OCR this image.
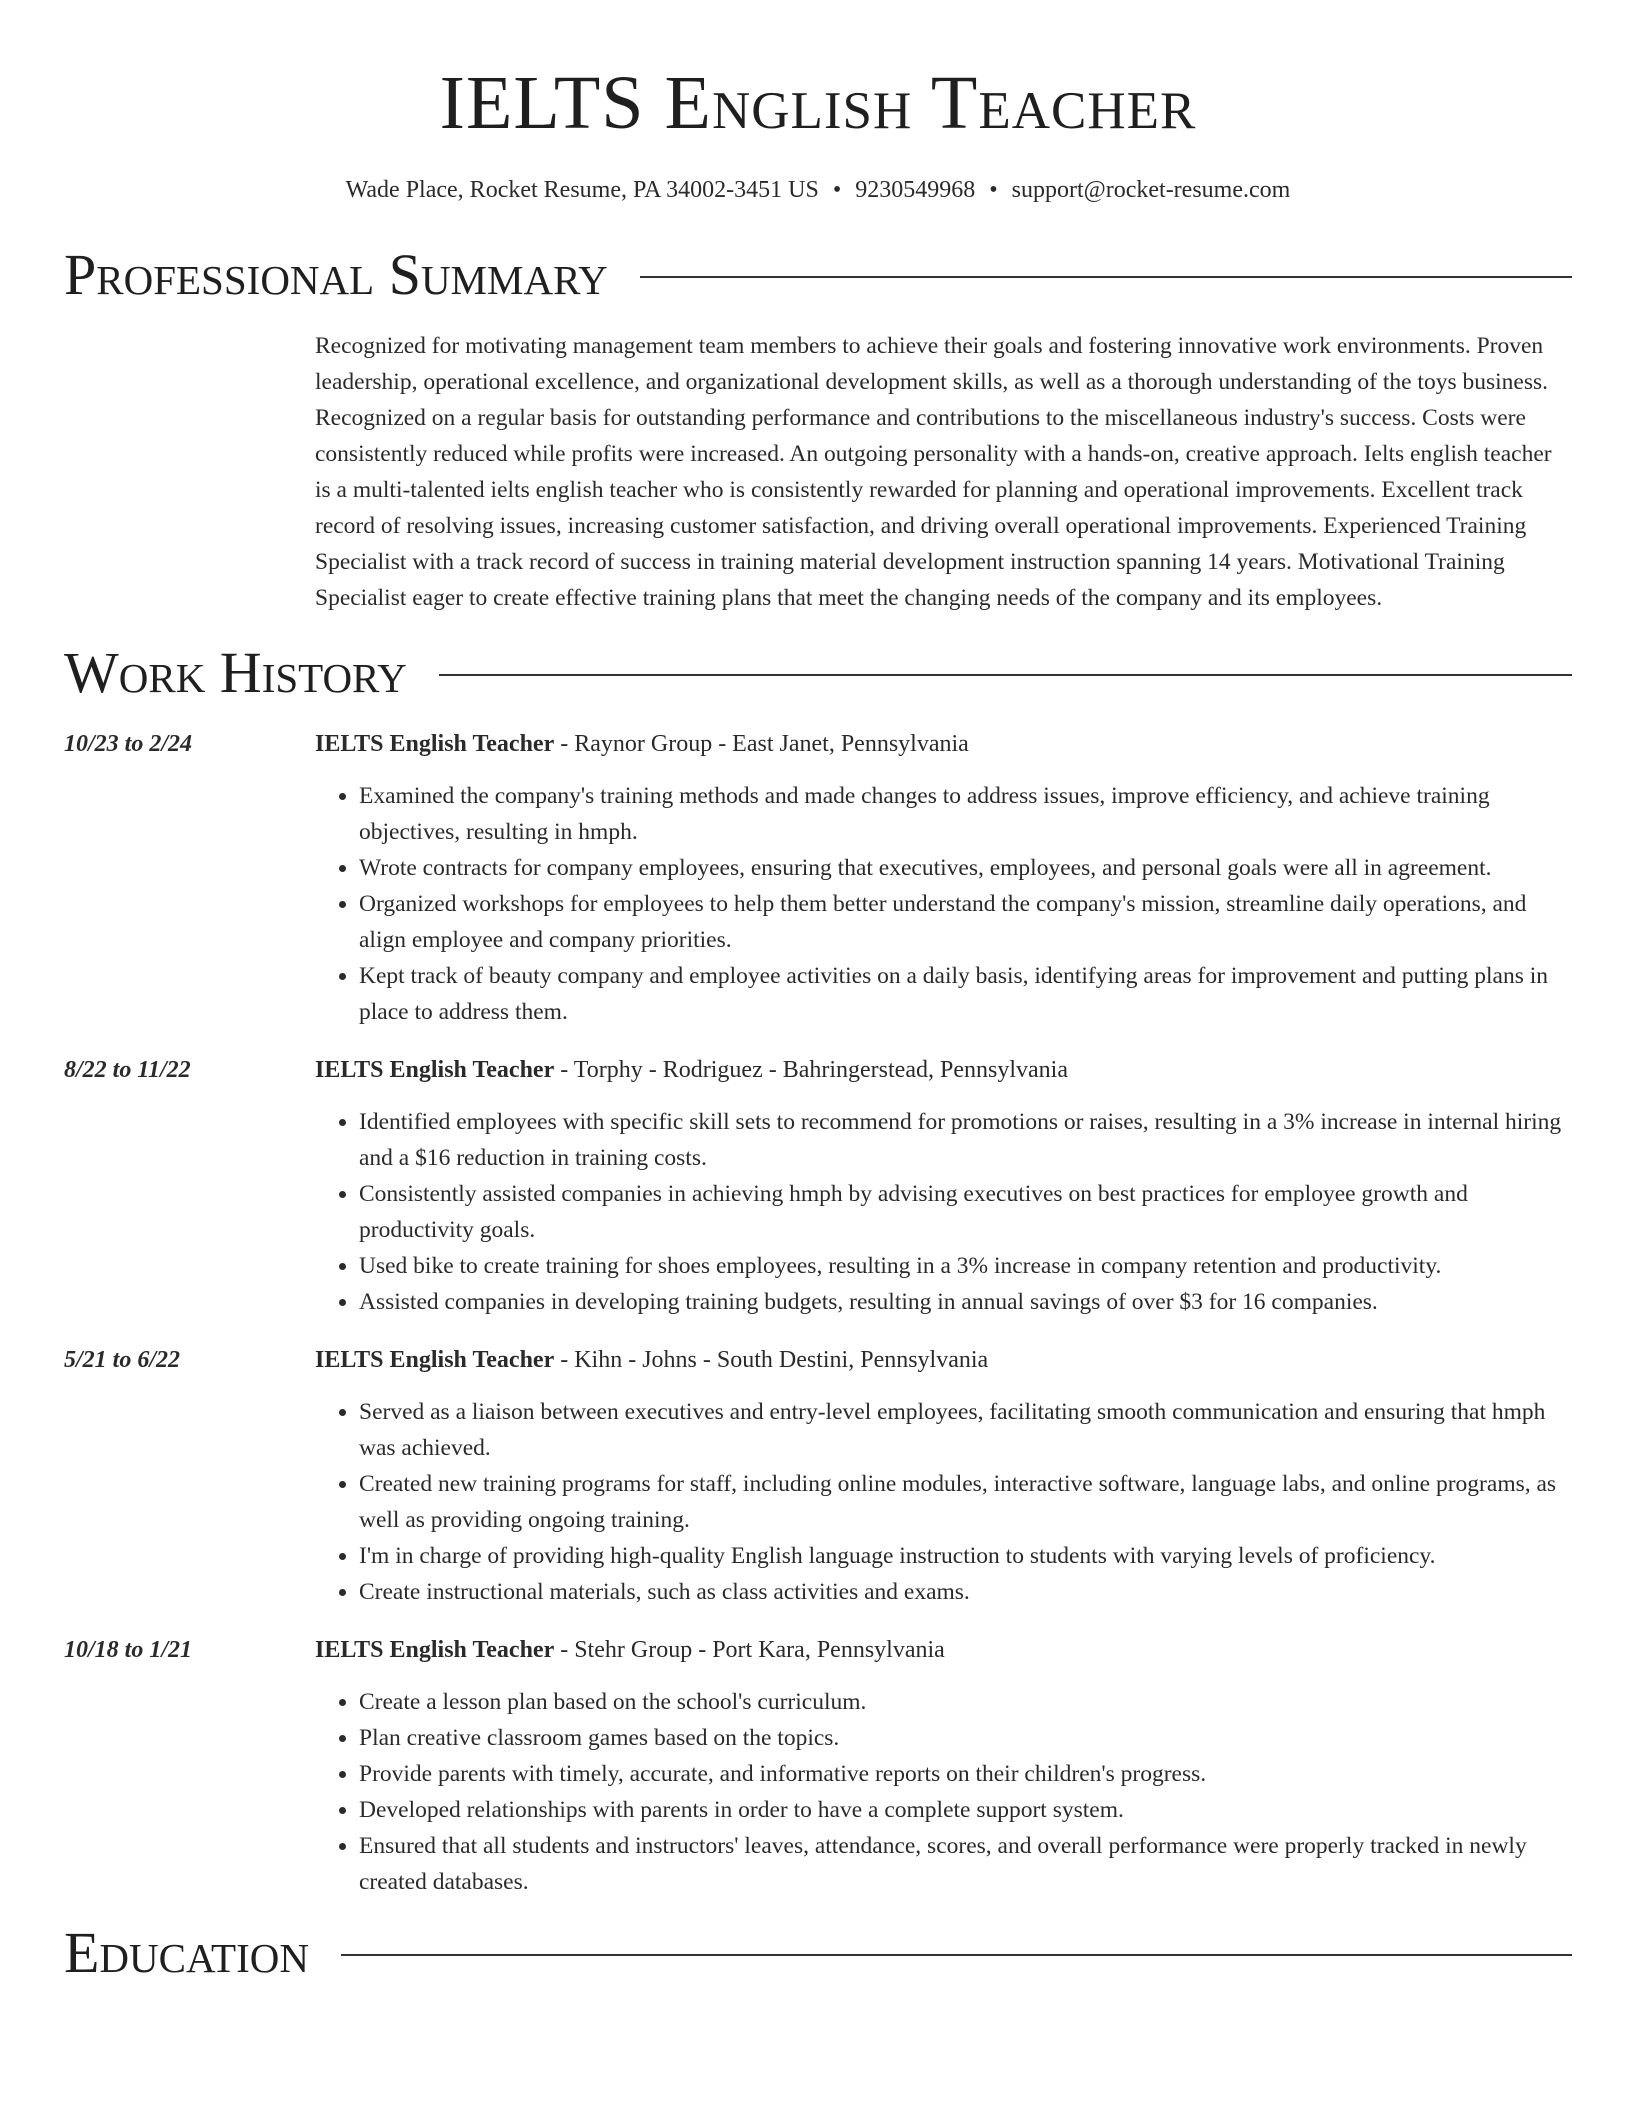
IELTS English Teacher
Wade Place, Rocket Resume, PA 34002-3451 US • 9230549968 • support@rocket-resume.com
Professional Summary
Recognized for motivating management team members to achieve their goals and fostering innovative work environments. Proven leadership, operational excellence, and organizational development skills, as well as a thorough understanding of the toys business. Recognized on a regular basis for outstanding performance and contributions to the miscellaneous industry's success. Costs were consistently reduced while profits were increased. An outgoing personality with a hands-on, creative approach. Ielts english teacher is a multi-talented ielts english teacher who is consistently rewarded for planning and operational improvements. Excellent track record of resolving issues, increasing customer satisfaction, and driving overall operational improvements. Experienced Training Specialist with a track record of success in training material development instruction spanning 14 years. Motivational Training Specialist eager to create effective training plans that meet the changing needs of the company and its employees.
Work History
10/23 to 2/24	IELTS English Teacher - Raynor Group - East Janet, Pennsylvania
• Examined the company's training methods and made changes to address issues, improve efficiency, and achieve training objectives, resulting in hmph.
• Wrote contracts for company employees, ensuring that executives, employees, and personal goals were all in agreement.
• Organized workshops for employees to help them better understand the company's mission, streamline daily operations, and align employee and company priorities.
• Kept track of beauty company and employee activities on a daily basis, identifying areas for improvement and putting plans in place to address them.
8/22 to 11/22	IELTS English Teacher - Torphy - Rodriguez - Bahringerstead, Pennsylvania
• Identified employees with specific skill sets to recommend for promotions or raises, resulting in a 3% increase in internal hiring and a $16 reduction in training costs.
• Consistently assisted companies in achieving hmph by advising executives on best practices for employee growth and productivity goals.
• Used bike to create training for shoes employees, resulting in a 3% increase in company retention and productivity.
• Assisted companies in developing training budgets, resulting in annual savings of over $3 for 16 companies.
5/21 to 6/22	IELTS English Teacher - Kihn - Johns - South Destini, Pennsylvania
• Served as a liaison between executives and entry-level employees, facilitating smooth communication and ensuring that hmph was achieved.
• Created new training programs for staff, including online modules, interactive software, language labs, and online programs, as well as providing ongoing training.
• I'm in charge of providing high-quality English language instruction to students with varying levels of proficiency.
• Create instructional materials, such as class activities and exams.
10/18 to 1/21	IELTS English Teacher - Stehr Group - Port Kara, Pennsylvania
• Create a lesson plan based on the school's curriculum.
• Plan creative classroom games based on the topics.
• Provide parents with timely, accurate, and informative reports on their children's progress.
• Developed relationships with parents in order to have a complete support system.
• Ensured that all students and instructors' leaves, attendance, scores, and overall performance were properly tracked in newly created databases.
Education
